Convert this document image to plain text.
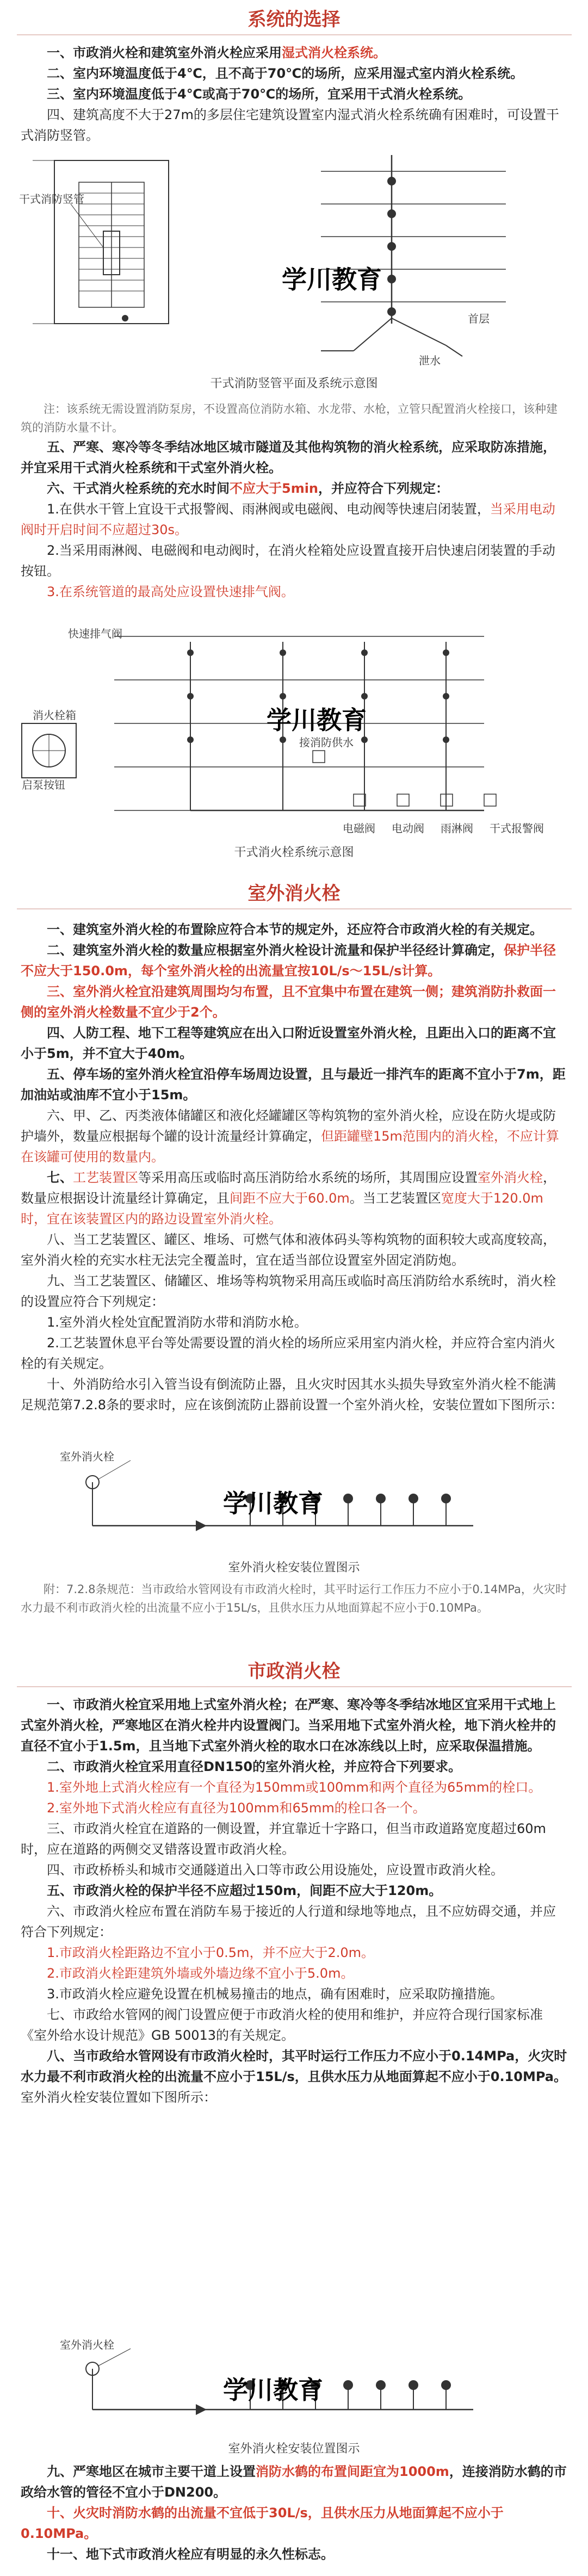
系统的选择

一、市政消火栓和建筑室外消火栓应采用湿式消火栓系统。

二、室内环境温度低于4℃，且不高于70℃的场所，应采用湿式室内消火栓系统。

三、室内环境温度低于4℃或高于70℃的场所，宜采用干式消火栓系统。

四、建筑高度不大于27m的多层住宅建筑设置室内湿式消火栓系统确有困难时，可设置干式消防竖管。

干式消防竖管
首层
泄水
学川教育
干式消防竖管平面及系统示意图

注：该系统无需设置消防泵房，不设置高位消防水箱、水龙带、水枪，立管只配置消火栓接口，该种建筑的消防水量不计。

五、严寒、寒冷等冬季结冰地区城市隧道及其他构筑物的消火栓系统，应采取防冻措施，并宜采用干式消火栓系统和干式室外消火栓。

六、干式消火栓系统的充水时间不应大于5min，并应符合下列规定：

1.在供水干管上宜设干式报警阀、雨淋阀或电磁阀、电动阀等快速启闭装置，当采用电动阀时开启时间不应超过30s。

2.当采用雨淋阀、电磁阀和电动阀时，在消火栓箱处应设置直接开启快速启闭装置的手动按钮。

3.在系统管道的最高处应设置快速排气阀。

快速排气阀
消火栓箱
启泵按钮
接消防供水
电磁阀 电动阀 雨淋阀 干式报警阀
学川教育
干式消火栓系统示意图
室外消火栓

一、建筑室外消火栓的布置除应符合本节的规定外，还应符合市政消火栓的有关规定。

二、建筑室外消火栓的数量应根据室外消火栓设计流量和保护半径经计算确定，保护半径不应大于150.0m，每个室外消火栓的出流量宜按10L/s～15L/s计算。

三、室外消火栓宜沿建筑周围均匀布置，且不宜集中布置在建筑一侧；建筑消防扑救面一侧的室外消火栓数量不宜少于2个。

四、人防工程、地下工程等建筑应在出入口附近设置室外消火栓，且距出入口的距离不宜小于5m，并不宜大于40m。

五、停车场的室外消火栓宜沿停车场周边设置，且与最近一排汽车的距离不宜小于7m，距加油站或油库不宜小于15m。

六、甲、乙、丙类液体储罐区和液化烃罐罐区等构筑物的室外消火栓，应设在防火堤或防护墙外，数量应根据每个罐的设计流量经计算确定，但距罐壁15m范围内的消火栓，不应计算在该罐可使用的数量内。

七、工艺装置区等采用高压或临时高压消防给水系统的场所，其周围应设置室外消火栓，数量应根据设计流量经计算确定，且间距不应大于60.0m。当工艺装置区宽度大于120.0m时，宜在该装置区内的路边设置室外消火栓。

八、当工艺装置区、罐区、堆场、可燃气体和液体码头等构筑物的面积较大或高度较高，室外消火栓的充实水柱无法完全覆盖时，宜在适当部位设置室外固定消防炮。

九、当工艺装置区、储罐区、堆场等构筑物采用高压或临时高压消防给水系统时，消火栓的设置应符合下列规定：

1.室外消火栓处宜配置消防水带和消防水枪。

2.工艺装置休息平台等处需要设置的消火栓的场所应采用室内消火栓，并应符合室内消火栓的有关规定。

十、外消防给水引入管当设有倒流防止器，且火灾时因其水头损失导致室外消火栓不能满足规范第7.2.8条的要求时，应在该倒流防止器前设置一个室外消火栓，安装位置如下图所示：

室外消火栓
学川教育
室外消火栓安装位置图示

附：7.2.8条规范：当市政给水管网设有市政消火栓时，其平时运行工作压力不应小于0.14MPa，火灾时水力最不利市政消火栓的出流量不应小于15L/s，且供水压力从地面算起不应小于0.10MPa。

市政消火栓

一、市政消火栓宜采用地上式室外消火栓；在严寒、寒冷等冬季结冰地区宜采用干式地上式室外消火栓，严寒地区在消火栓井内设置阀门。当采用地下式室外消火栓，地下消火栓井的直径不宜小于1.5m，且当地下式室外消火栓的取水口在冰冻线以上时，应采取保温措施。

二、市政消火栓宜采用直径DN150的室外消火栓，并应符合下列要求。

1.室外地上式消火栓应有一个直径为150mm或100mm和两个直径为65mm的栓口。

2.室外地下式消火栓应有直径为100mm和65mm的栓口各一个。

三、市政消火栓宜在道路的一侧设置，并宜靠近十字路口，但当市政道路宽度超过60m时，应在道路的两侧交叉错落设置市政消火栓。

四、市政桥桥头和城市交通隧道出入口等市政公用设施处，应设置市政消火栓。

五、市政消火栓的保护半径不应超过150m，间距不应大于120m。

六、市政消火栓应布置在消防车易于接近的人行道和绿地等地点，且不应妨碍交通，并应符合下列规定：

1.市政消火栓距路边不宜小于0.5m，并不应大于2.0m。

2.市政消火栓距建筑外墙或外墙边缘不宜小于5.0m。

3.市政消火栓应避免设置在机械易撞击的地点，确有困难时，应采取防撞措施。

七、市政给水管网的阀门设置应便于市政消火栓的使用和维护，并应符合现行国家标准《室外给水设计规范》GB 50013的有关规定。

八、当市政给水管网设有市政消火栓时，其平时运行工作压力不应小于0.14MPa，火灾时水力最不利市政消火栓的出流量不应小于15L/s，且供水压力从地面算起不应小于0.10MPa。室外消火栓安装位置如下图所示：

室外消火栓
学川教育
室外消火栓安装位置图示

九、严寒地区在城市主要干道上设置消防水鹤的布置间距宜为1000m，连接消防水鹤的市政给水管的管径不宜小于DN200。

十、火灾时消防水鹤的出流量不宜低于30L/s，且供水压力从地面算起不应小于0.10MPa。

十一、地下式市政消火栓应有明显的永久性标志。
